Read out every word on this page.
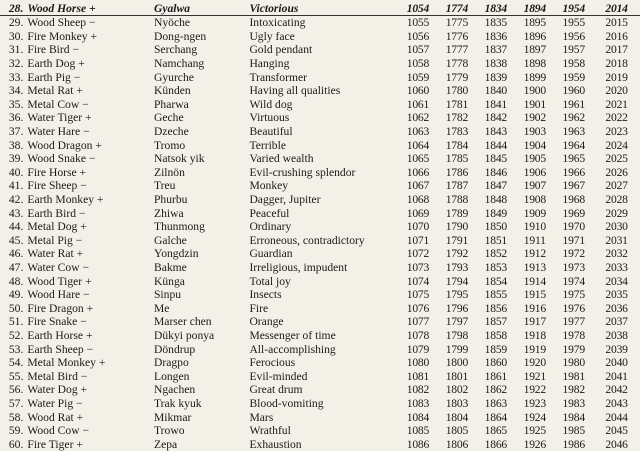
28. Wood Horse +	Gyalwa	Victorious	1054	1774	1834	1894	1954	2014
29. Wood Sheep −	Nyöche	Intoxicating	1055	1775	1835	1895	1955	2015
30. Fire Monkey +	Dong-ngen	Ugly face	1056	1776	1836	1896	1956	2016
31. Fire Bird −	Serchang	Gold pendant	1057	1777	1837	1897	1957	2017
32. Earth Dog +	Namchang	Hanging	1058	1778	1838	1898	1958	2018
33. Earth Pig −	Gyurche	Transformer	1059	1779	1839	1899	1959	2019
34. Metal Rat +	Künden	Having all qualities	1060	1780	1840	1900	1960	2020
35. Metal Cow −	Pharwa	Wild dog	1061	1781	1841	1901	1961	2021
36. Water Tiger +	Geche	Virtuous	1062	1782	1842	1902	1962	2022
37. Water Hare −	Dzeche	Beautiful	1063	1783	1843	1903	1963	2023
38. Wood Dragon +	Tromo	Terrible	1064	1784	1844	1904	1964	2024
39. Wood Snake −	Natsok yik	Varied wealth	1065	1785	1845	1905	1965	2025
40. Fire Horse +	Zilnön	Evil-crushing splendor	1066	1786	1846	1906	1966	2026
41. Fire Sheep −	Treu	Monkey	1067	1787	1847	1907	1967	2027
42. Earth Monkey +	Phurbu	Dagger, Jupiter	1068	1788	1848	1908	1968	2028
43. Earth Bird −	Zhiwa	Peaceful	1069	1789	1849	1909	1969	2029
44. Metal Dog +	Thunmong	Ordinary	1070	1790	1850	1910	1970	2030
45. Metal Pig −	Galche	Erroneous, contradictory	1071	1791	1851	1911	1971	2031
46. Water Rat +	Yongdzin	Guardian	1072	1792	1852	1912	1972	2032
47. Water Cow −	Bakme	Irreligious, impudent	1073	1793	1853	1913	1973	2033
48. Wood Tiger +	Künga	Total joy	1074	1794	1854	1914	1974	2034
49. Wood Hare −	Sinpu	Insects	1075	1795	1855	1915	1975	2035
50. Fire Dragon +	Me	Fire	1076	1796	1856	1916	1976	2036
51. Fire Snake −	Marser chen	Orange	1077	1797	1857	1917	1977	2037
52. Earth Horse +	Dükyi ponya	Messenger of time	1078	1798	1858	1918	1978	2038
53. Earth Sheep −	Döndrup	All-accomplishing	1079	1799	1859	1919	1979	2039
54. Metal Monkey +	Dragpo	Ferocious	1080	1800	1860	1920	1980	2040
55. Metal Bird −	Longen	Evil-minded	1081	1801	1861	1921	1981	2041
56. Water Dog +	Ngachen	Great drum	1082	1802	1862	1922	1982	2042
57. Water Pig −	Trak kyuk	Blood-vomiting	1083	1803	1863	1923	1983	2043
58. Wood Rat +	Mikmar	Mars	1084	1804	1864	1924	1984	2044
59. Wood Cow −	Trowo	Wrathful	1085	1805	1865	1925	1985	2045
60. Fire Tiger +	Zepa	Exhaustion	1086	1806	1866	1926	1986	2046
